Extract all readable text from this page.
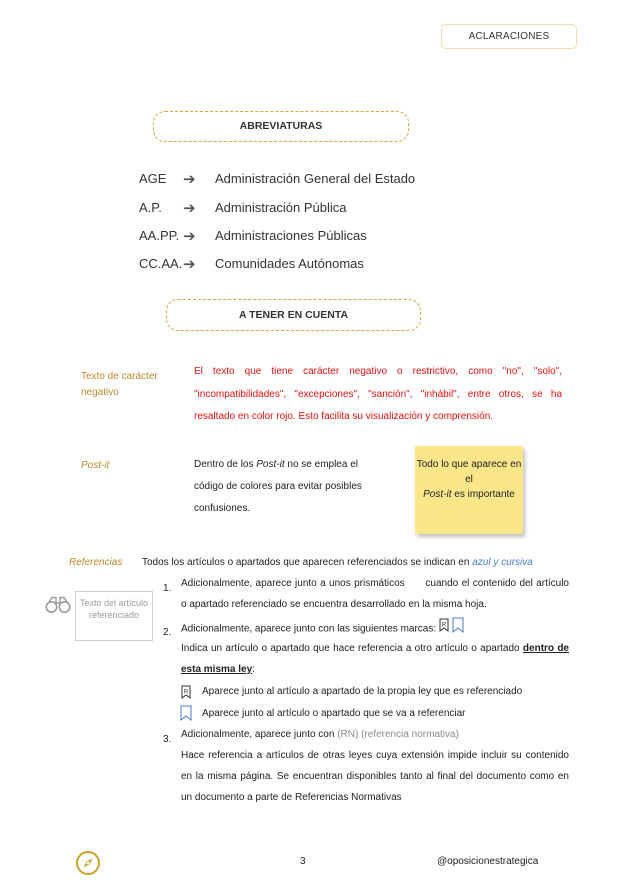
ACLARACIONES
ABREVIATURAS
AGE ➔ Administración General del Estado
A.P. ➔ Administración Pública
AA.PP. ➔ Administraciones Públicas
CC.AA. ➔ Comunidades Autónomas
A TENER EN CUENTA
Texto de carácter negativo
El texto que tiene carácter negativo o restrictivo, como "no", "solo", "incompatibilidades", "excepciones", "sanción", "inhábil", entre otros, se ha resaltado en color rojo. Esto facilita su visualización y comprensión.
Post-it	Dentro de los Post-it no se emplea el código de colores para evitar posibles confusiones.
Todo lo que aparece en el
Post-it es importante
Referencias Todos los artículos o apartados que aparecen referenciados se indican en azul y cursiva
Texto del artículo referenciado
1. Adicionalmente, aparece junto a unos prismáticos cuando el contenido del artículo o apartado referenciado se encuentra desarrollado en la misma hoja.
2. Adicionalmente, aparece junto con las siguientes marcas: R

Indica un artículo o apartado que hace referencia a otro artículo o apartado dentro de esta misma ley:
R Aparece junto al artículo a apartado de la propia ley que es referenciado
Aparece junto al artículo o apartado que se va a referenciar
3. Adicionalmente, aparece junto con (RN) (referencia normativa)
Hace referencia a artículos de otras leyes cuya extensión impide incluir su contenido en la misma página. Se encuentran disponibles tanto al final del documento como en un documento a parte de Referencias Normativas
3	@oposicionestrategica
